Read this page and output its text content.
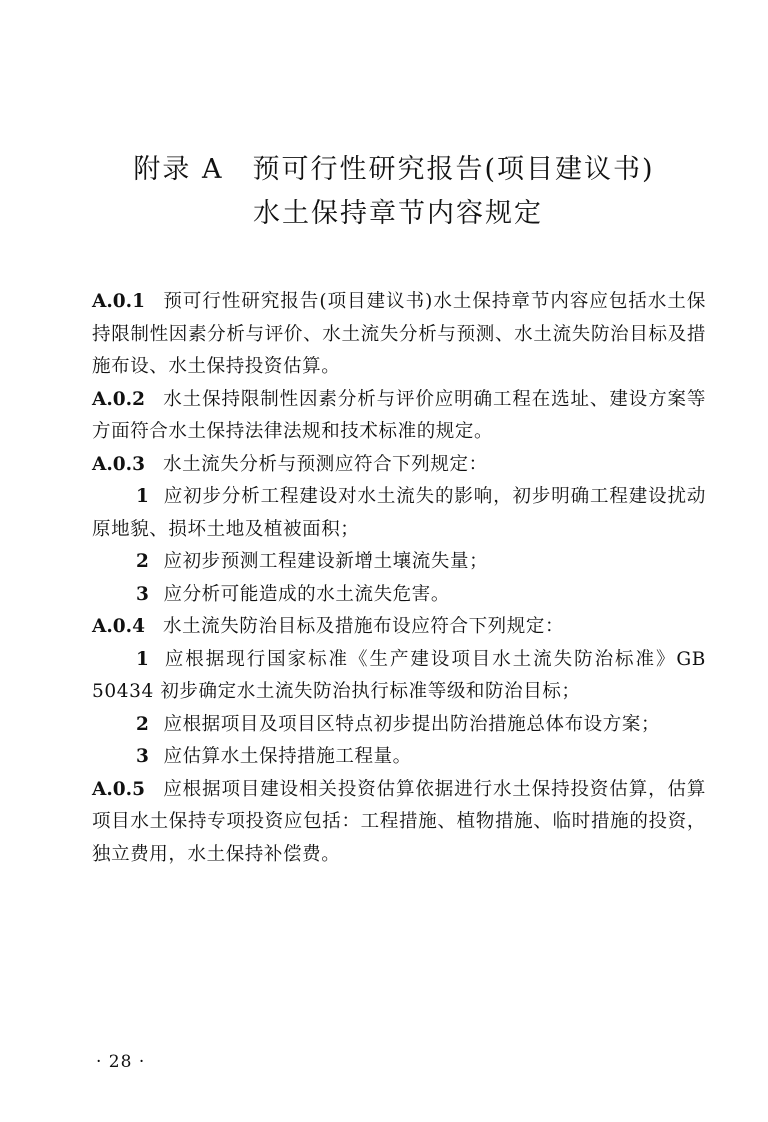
附录 A　预可行性研究报告(项目建议书)
水土保持章节内容规定

A.0.1 预可行性研究报告(项目建议书)水土保持章节内容应包括水土保持限制性因素分析与评价、水土流失分析与预测、水土流失防治目标及措施布设、水土保持投资估算。

A.0.2 水土保持限制性因素分析与评价应明确工程在选址、建设方案等方面符合水土保持法律法规和技术标准的规定。

A.0.3 水土流失分析与预测应符合下列规定：

1 应初步分析工程建设对水土流失的影响，初步明确工程建设扰动原地貌、损坏土地及植被面积；

2 应初步预测工程建设新增土壤流失量；

3 应分析可能造成的水土流失危害。

A.0.4 水土流失防治目标及措施布设应符合下列规定：

1 应根据现行国家标准《生产建设项目水土流失防治标准》GB 50434 初步确定水土流失防治执行标准等级和防治目标；

2 应根据项目及项目区特点初步提出防治措施总体布设方案；

3 应估算水土保持措施工程量。

A.0.5 应根据项目建设相关投资估算依据进行水土保持投资估算，估算项目水土保持专项投资应包括：工程措施、植物措施、临时措施的投资，独立费用，水土保持补偿费。

· 28 ·
